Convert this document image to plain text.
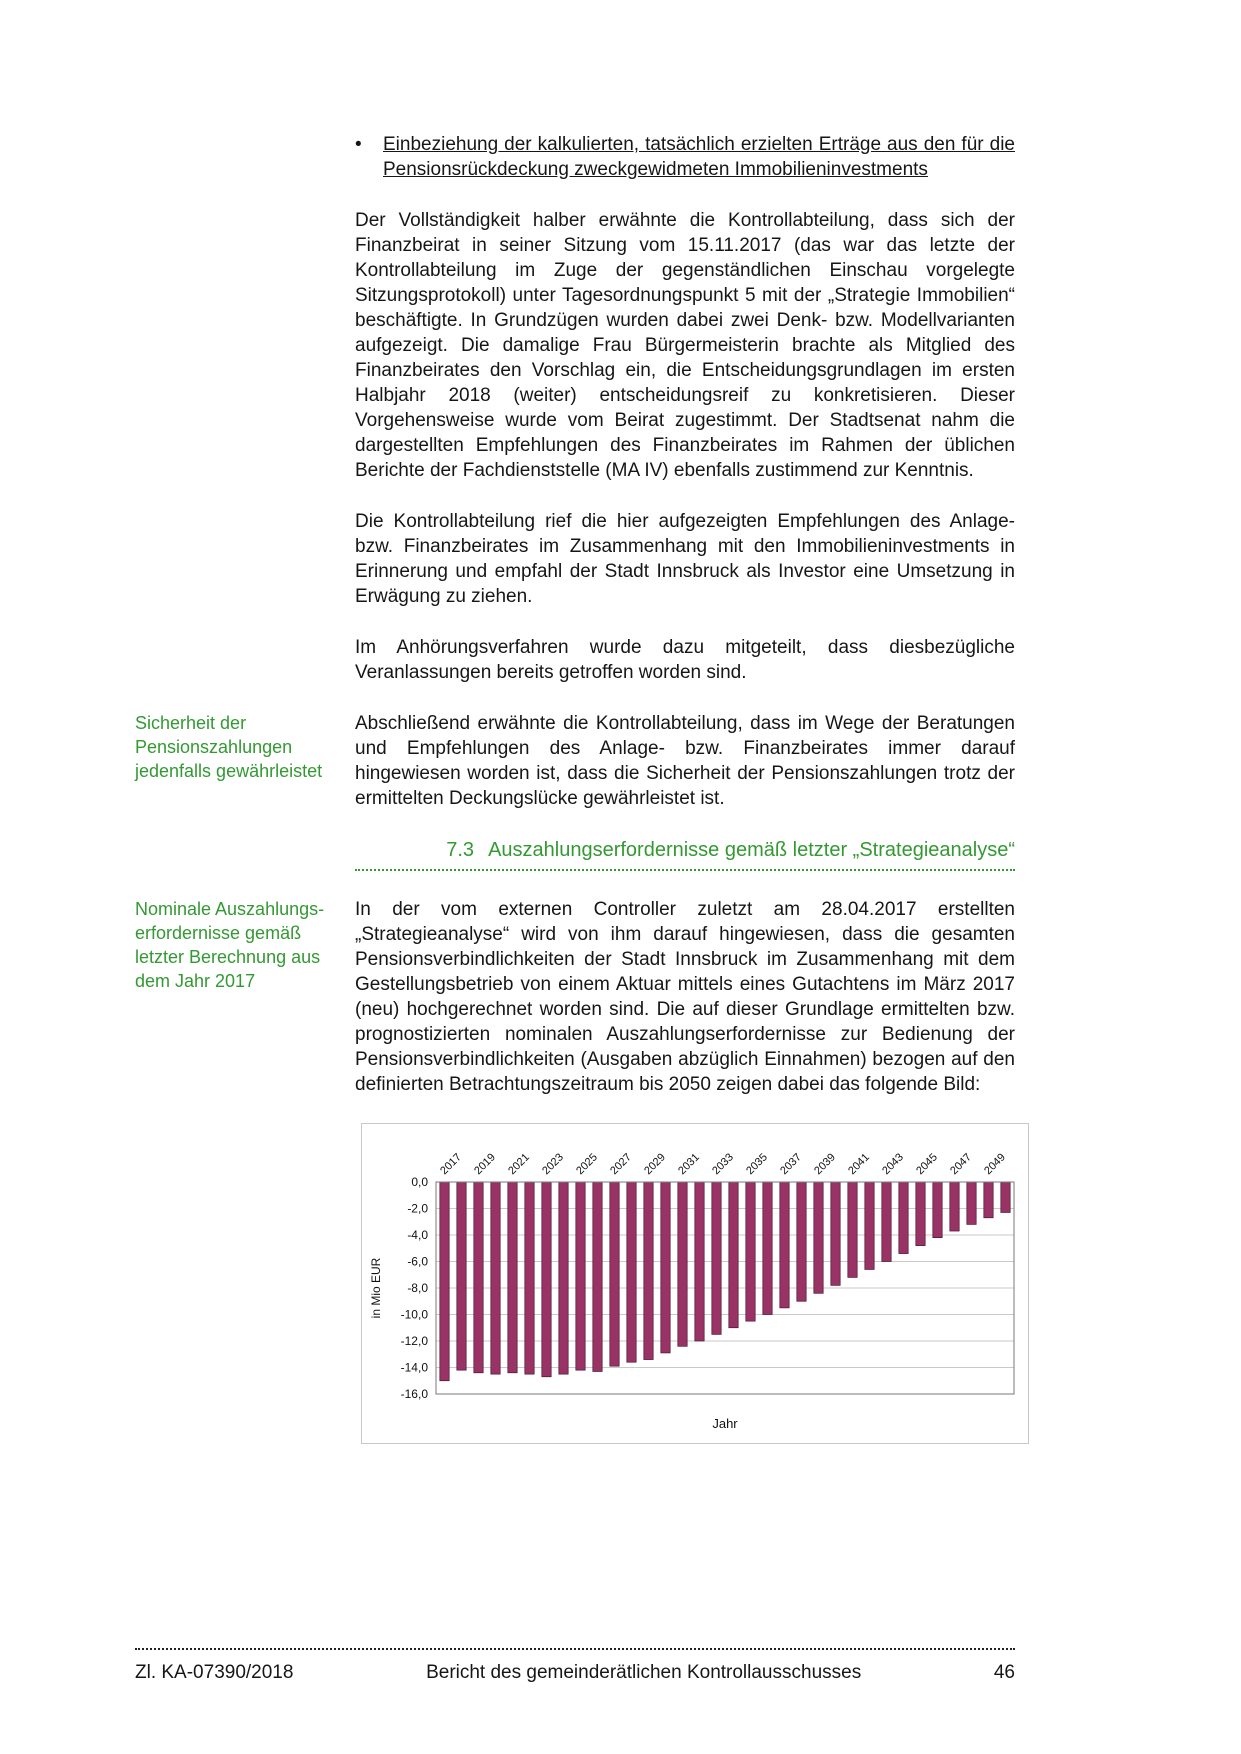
•	Einbeziehung der kalkulierten, tatsächlich erzielten Erträge aus den für die Pensionsrückdeckung zweckgewidmeten Immobilieninvestments

Der Vollständigkeit halber erwähnte die Kontrollabteilung, dass sich der Finanzbeirat in seiner Sitzung vom 15.11.2017 (das war das letzte der Kontrollabteilung im Zuge der gegenständlichen Einschau vorgelegte Sitzungsprotokoll) unter Tagesordnungspunkt 5 mit der „Strategie Immobilien“ beschäftigte. In Grundzügen wurden dabei zwei Denk- bzw. Modellvarianten aufgezeigt. Die damalige Frau Bürgermeisterin brachte als Mitglied des Finanzbeirates den Vorschlag ein, die Entscheidungsgrundlagen im ersten Halbjahr 2018 (weiter) entscheidungsreif zu konkretisieren. Dieser Vorgehensweise wurde vom Beirat zugestimmt. Der Stadtsenat nahm die dargestellten Empfehlungen des Finanzbeirates im Rahmen der üblichen Berichte der Fachdienststelle (MA IV) ebenfalls zustimmend zur Kenntnis.

Die Kontrollabteilung rief die hier aufgezeigten Empfehlungen des Anlage- bzw. Finanzbeirates im Zusammenhang mit den Immobilieninvestments in Erinnerung und empfahl der Stadt Innsbruck als Investor eine Umsetzung in Erwägung zu ziehen.

Im Anhörungsverfahren wurde dazu mitgeteilt, dass diesbezügliche Veranlassungen bereits getroffen worden sind.

Sicherheit der Pensionszahlungen jedenfalls gewährleistet

Abschließend erwähnte die Kontrollabteilung, dass im Wege der Beratungen und Empfehlungen des Anlage- bzw. Finanzbeirates immer darauf hingewiesen worden ist, dass die Sicherheit der Pensionszahlungen trotz der ermittelten Deckungslücke gewährleistet ist.

7.3 Auszahlungserfordernisse gemäß letzter „Strategieanalyse“
Nominale Auszahlungserfordernisse gemäß letzter Berechnung aus dem Jahr 2017

In der vom externen Controller zuletzt am 28.04.2017 erstellten „Strategieanalyse“ wird von ihm darauf hingewiesen, dass die gesamten Pensionsverbindlichkeiten der Stadt Innsbruck im Zusammenhang mit dem Gestellungsbetrieb von einem Aktuar mittels eines Gutachtens im März 2017 (neu) hochgerechnet worden sind. Die auf dieser Grundlage ermittelten bzw. prognostizierten nominalen Auszahlungserfordernisse zur Bedienung der Pensionsverbindlichkeiten (Ausgaben abzüglich Einnahmen) bezogen auf den definierten Betrachtungszeitraum bis 2050 zeigen dabei das folgende Bild:

0,0
-2,0
-4,0
-6,0
-8,0
-10,0
-12,0
-14,0
-16,0
2017 2019 2021 2023 2025 2027 2029 2031 2033 2035 2037 2039 2041 2043 2045 2047 2049
in Mio EUR
Jahr
Zl. KA-07390/2018	Bericht des gemeinderätlichen Kontrollausschusses	46
